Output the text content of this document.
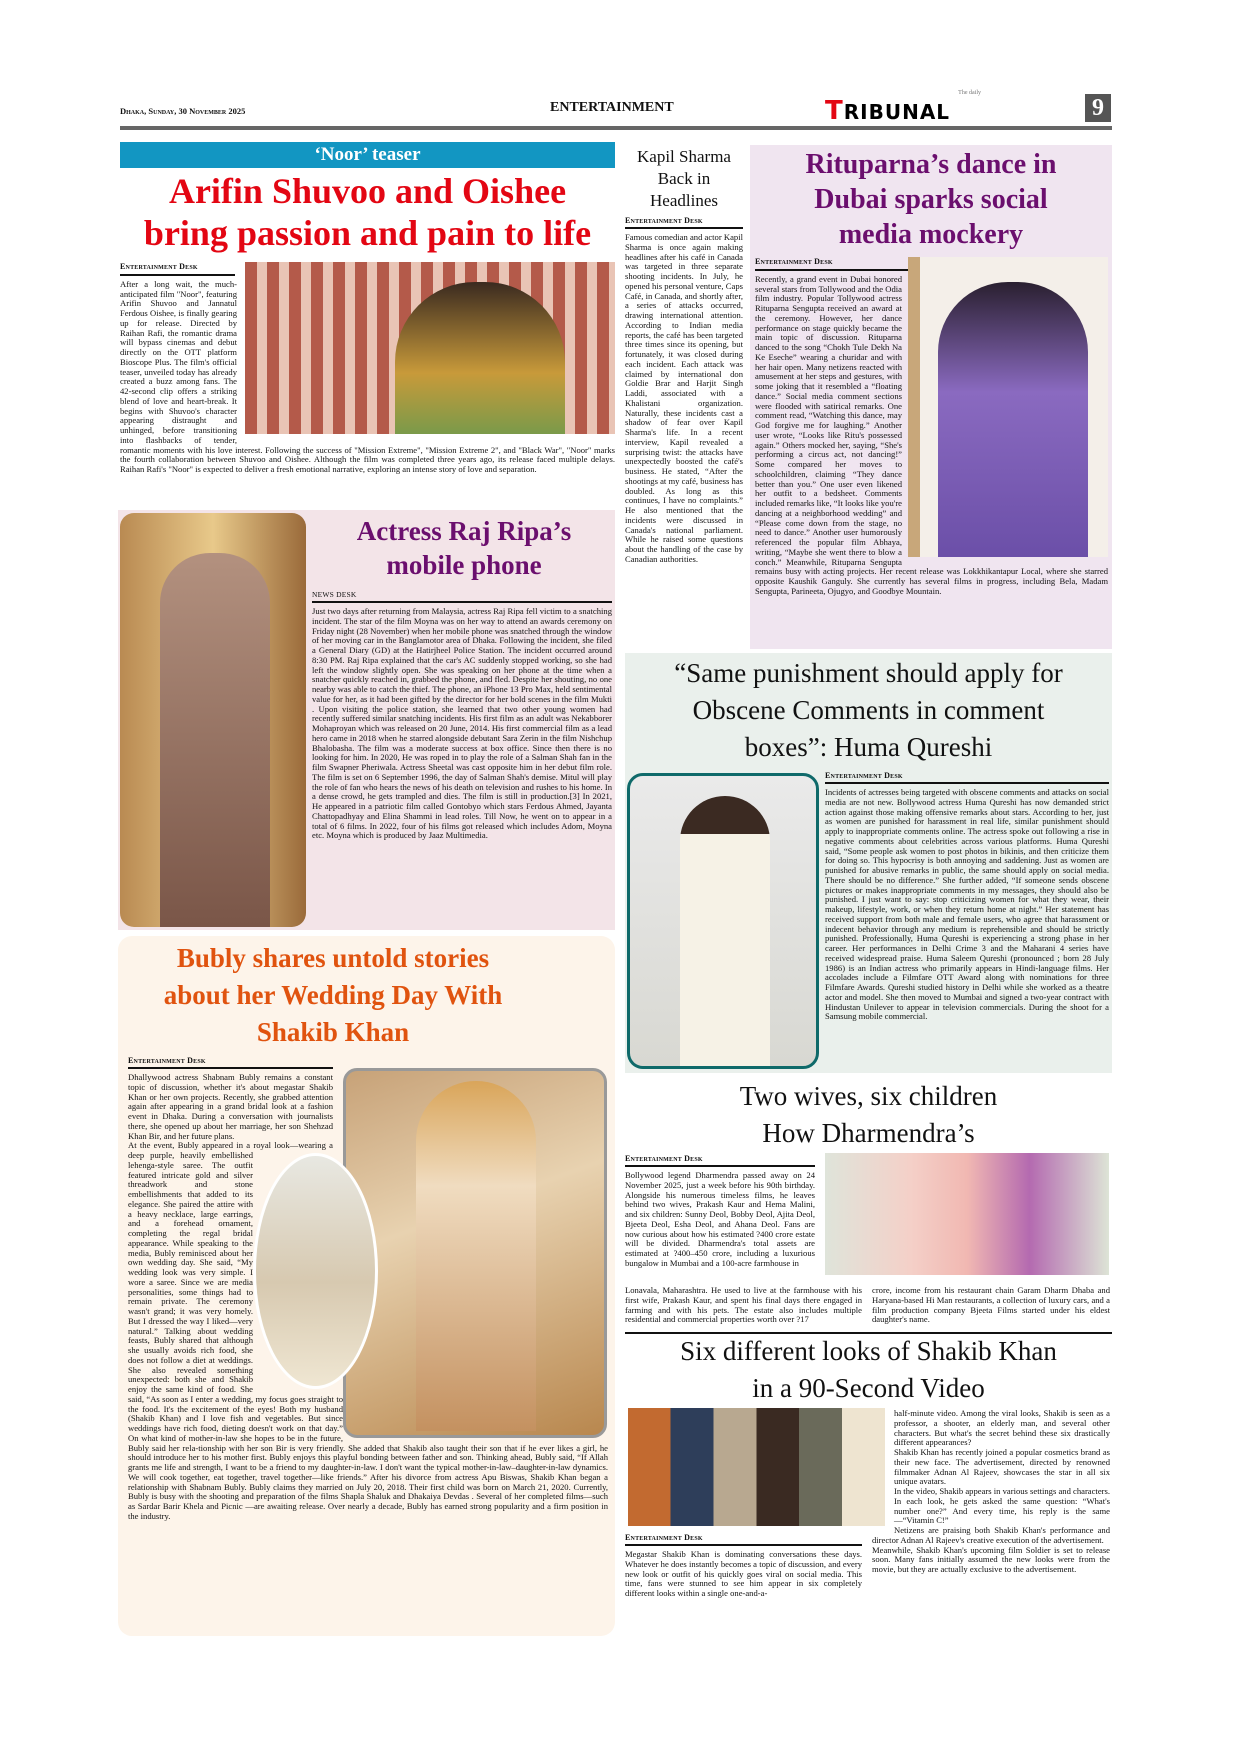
Dhaka, Sunday, 30 November 2025	ENTERTAINMENT
The daily
TRIBUNAL	9
‘Noor’ teaser
Arifin Shuvoo and Oishee
bring passion and pain to life
Entertainment DeskAfter a long wait, the much-anticipated film "Noor", featuring Arifin Shuvoo and Jannatul Ferdous Oishee, is finally gearing up for release. Directed by Raihan Rafi, the romantic drama will bypass cinemas and debut directly on the OTT platform Bioscope Plus. The film's official teaser, unveiled today has already created a buzz among fans. The 42-second clip offers a striking blend of love and heart-break. It begins with Shuvoo's character appearing distraught and unhinged, before transitioning into flashbacks of tender, romantic moments with his love interest. Following the success of "Mission Extreme", "Mission Extreme 2", and "Black War", "Noor" marks the fourth collaboration between Shuvoo and Oishee. Although the film was completed three years ago, its release faced multiple delays. Raihan Rafi's "Noor" is expected to deliver a fresh emotional narrative, exploring an intense story of love and separation.
Actress Raj Ripa’s
mobile phone
NEWS DESK
Just two days after returning from Malaysia, actress Raj Ripa fell victim to a snatching incident. The star of the film Moyna was on her way to attend an awards ceremony on Friday night (28 November) when her mobile phone was snatched through the window of her moving car in the Banglamotor area of Dhaka. Following the incident, she filed a General Diary (GD) at the Hatirjheel Police Station. The incident occurred around 8:30 PM. Raj Ripa explained that the car's AC suddenly stopped working, so she had left the window slightly open. She was speaking on her phone at the time when a snatcher quickly reached in, grabbed the phone, and fled. Despite her shouting, no one nearby was able to catch the thief. The phone, an iPhone 13 Pro Max, held sentimental value for her, as it had been gifted by the director for her bold scenes in the film Mukti . Upon visiting the police station, she learned that two other young women had recently suffered similar snatching incidents. His first film as an adult was Nekabborer Mohaproyan which was released on 20 June, 2014. His first commercial film as a lead hero came in 2018 when he starred alongside debutant Sara Zerin in the film Nishchup Bhalobasha. The film was a moderate success at box office. Since then there is no looking for him. In 2020, He was roped in to play the role of a Salman Shah fan in the film Swapner Pheriwala. Actress Sheetal was cast opposite him in her debut film role. The film is set on 6 September 1996, the day of Salman Shah's demise. Mitul will play the role of fan who hears the news of his death on television and rushes to his home. In a dense crowd, he gets trampled and dies. The film is still in production.[3] In 2021, He appeared in a patriotic film called Gontobyo which stars Ferdous Ahmed, Jayanta Chattopadhyay and Elina Shammi in lead roles. Till Now, he went on to appear in a total of 6 films. In 2022, four of his films got released which includes Adom, Moyna etc. Moyna which is produced by Jaaz Multimedia.
Bubly shares untold stories
about her Wedding Day With
Shakib Khan
Entertainment Desk
Dhallywood actress Shabnam Bubly remains a constant topic of discussion, whether it's about megastar Shakib Khan or her own projects. Recently, she grabbed attention again after appearing in a grand bridal look at a fashion event in Dhaka. During a conversation with journalists there, she opened up about her marriage, her son Shehzad Khan Bir, and her future plans.
At the event, Bubly appeared in a royal look—wearing a deep purple, heavily embellished lehenga-style saree. The outfit featured intricate gold and silver threadwork and stone embellishments that added to its elegance. She paired the attire with a heavy necklace, large earrings, and a forehead ornament, completing the regal bridal appearance. While speaking to the media, Bubly reminisced about her own wedding day. She said, “My wedding look was very simple. I wore a saree. Since we are media personalities, some things had to remain private. The ceremony wasn't grand; it was very homely. But I dressed the way I liked—very natural.” Talking about wedding feasts, Bubly shared that although she usually avoids rich food, she does not follow a diet at weddings. She also revealed something unexpected: both she and Shakib enjoy the same kind of food. She said, “As soon as I enter a wedding, my focus goes straight to the food. It's the excitement of the eyes! Both my husband (Shakib Khan) and I love fish and vegetables. But since weddings have rich food, dieting doesn't work on that day.” On what kind of mother-in-law she hopes to be in the future, Bubly said her rela-tionship with her son Bir is very friendly. She added that Shakib also taught their son that if he ever likes a girl, he should introduce her to his mother first. Bubly enjoys this playful bonding between father and son. Thinking ahead, Bubly said, “If Allah grants me life and strength, I want to be a friend to my daughter-in-law. I don't want the typical mother-in-law–daughter-in-law dynamics. We will cook together, eat together, travel together—like friends.” After his divorce from actress Apu Biswas, Shakib Khan began a relationship with Shabnam Bubly. Bubly claims they married on July 20, 2018. Their first child was born on March 21, 2020. Currently, Bubly is busy with the shooting and preparation of the films Shapla Shaluk and Dhakaiya Devdas . Several of her completed films—such as Sardar Barir Khela and Picnic —are awaiting release. Over nearly a decade, Bubly has earned strong popularity and a firm position in the industry.
Kapil Sharma Back in Headlines
Entertainment Desk
Famous comedian and actor Kapil Sharma is once again making headlines after his café in Canada was targeted in three separate shooting incidents. In July, he opened his personal venture, Caps Café, in Canada, and shortly after, a series of attacks occurred, drawing international attention. According to Indian media reports, the café has been targeted three times since its opening, but fortunately, it was closed during each incident. Each attack was claimed by international don Goldie Brar and Harjit Singh Laddi, associated with a Khalistani organization. Naturally, these incidents cast a shadow of fear over Kapil Sharma's life. In a recent interview, Kapil revealed a surprising twist: the attacks have unexpectedly boosted the café's business. He stated, “After the shootings at my café, business has doubled. As long as this continues, I have no complaints.” He also mentioned that the incidents were discussed in Canada's national parliament. While he raised some questions about the handling of the case by Canadian authorities.
Rituparna’s dance in
Dubai sparks social
media mockery
Entertainment Desk
Recently, a grand event in Dubai honored several stars from Tollywood and the Odia film industry. Popular Tollywood actress Rituparna Sengupta received an award at the ceremony. However, her dance performance on stage quickly became the main topic of discussion. Rituparna danced to the song “Chokh Tule Dekh Na Ke Eseche” wearing a churidar and with her hair open. Many netizens reacted with amusement at her steps and gestures, with some joking that it resembled a “floating dance.” Social media comment sections were flooded with satirical remarks. One comment read, “Watching this dance, may God forgive me for laughing.” Another user wrote, “Looks like Ritu's possessed again.” Others mocked her, saying, “She's performing a circus act, not dancing!” Some compared her moves to schoolchildren, claiming “They dance better than you.” One user even likened her outfit to a bedsheet. Comments included remarks like, “It looks like you're dancing at a neighborhood wedding” and “Please come down from the stage, no need to dance.” Another user humorously referenced the popular film Abhaya, writing, “Maybe she went there to blow a conch.” Meanwhile, Rituparna Sengupta remains busy with acting projects. Her recent release was Lokkhikantapur Local, where she starred opposite Kaushik Ganguly. She currently has several films in progress, including Bela, Madam Sengupta, Parineeta, Ojugyo, and Goodbye Mountain.
“Same punishment should apply for
Obscene Comments in comment
boxes”: Huma Qureshi
Entertainment Desk
Incidents of actresses being targeted with obscene comments and attacks on social media are not new. Bollywood actress Huma Qureshi has now demanded strict action against those making offensive remarks about stars. According to her, just as women are punished for harassment in real life, similar punishment should apply to inappropriate comments online. The actress spoke out following a rise in negative comments about celebrities across various platforms. Huma Qureshi said, “Some people ask women to post photos in bikinis, and then criticize them for doing so. This hypocrisy is both annoying and saddening. Just as women are punished for abusive remarks in public, the same should apply on social media. There should be no difference.” She further added, “If someone sends obscene pictures or makes inappropriate comments in my messages, they should also be punished. I just want to say: stop criticizing women for what they wear, their makeup, lifestyle, work, or when they return home at night.” Her statement has received support from both male and female users, who agree that harassment or indecent behavior through any medium is reprehensible and should be strictly punished. Professionally, Huma Qureshi is experiencing a strong phase in her career. Her performances in Delhi Crime 3 and the Maharani 4 series have received widespread praise. Huma Saleem Qureshi (pronounced ; born 28 July 1986) is an Indian actress who primarily appears in Hindi-language films. Her accolades include a Filmfare OTT Award along with nominations for three Filmfare Awards. Qureshi studied history in Delhi while she worked as a theatre actor and model. She then moved to Mumbai and signed a two-year contract with Hindustan Unilever to appear in television commercials. During the shoot for a Samsung mobile commercial.
Two wives, six children
How Dharmendra’s
Entertainment Desk
Bollywood legend Dharmendra passed away on 24 November 2025, just a week before his 90th birthday. Alongside his numerous timeless films, he leaves behind two wives, Prakash Kaur and Hema Malini, and six children: Sunny Deol, Bobby Deol, Ajita Deol, Bjeeta Deol, Esha Deol, and Ahana Deol. Fans are now curious about how his estimated ?400 crore estate will be divided. Dharmendra's total assets are estimated at ?400–450 crore, including a luxurious bungalow in Mumbai and a 100-acre farmhouse in
Lonavala, Maharashtra. He used to live at the farmhouse with his first wife, Prakash Kaur, and spent his final days there engaged in farming and with his pets. The estate also includes multiple residential and commercial properties worth over ?17
crore, income from his restaurant chain Garam Dharm Dhaba and Haryana-based Hi Man restaurants, a collection of luxury cars, and a film production company Bjeeta Films started under his eldest daughter's name.
Six different looks of Shakib Khan
in a 90-Second Video
Entertainment Desk
Megastar Shakib Khan is dominating conversations these days. Whatever he does instantly becomes a topic of discussion, and every new look or outfit of his quickly goes viral on social media. This time, fans were stunned to see him appear in six completely different looks within a single one-and-a-
half-minute video. Among the viral looks, Shakib is seen as a professor, a shooter, an elderly man, and several other characters. But what's the secret behind these six drastically different appearances?
Shakib Khan has recently joined a popular cosmetics brand as their new face. The advertisement, directed by renowned filmmaker Adnan Al Rajeev, showcases the star in all six unique avatars.
In the video, Shakib appears in various settings and characters. In each look, he gets asked the same question: “What's number one?” And every time, his reply is the same—“Vitamin C!”
Netizens are praising both Shakib Khan's performance and director Adnan Al Rajeev's creative execution of the advertisement.
Meanwhile, Shakib Khan's upcoming film Soldier is set to release soon. Many fans initially assumed the new looks were from the movie, but they are actually exclusive to the advertisement.
